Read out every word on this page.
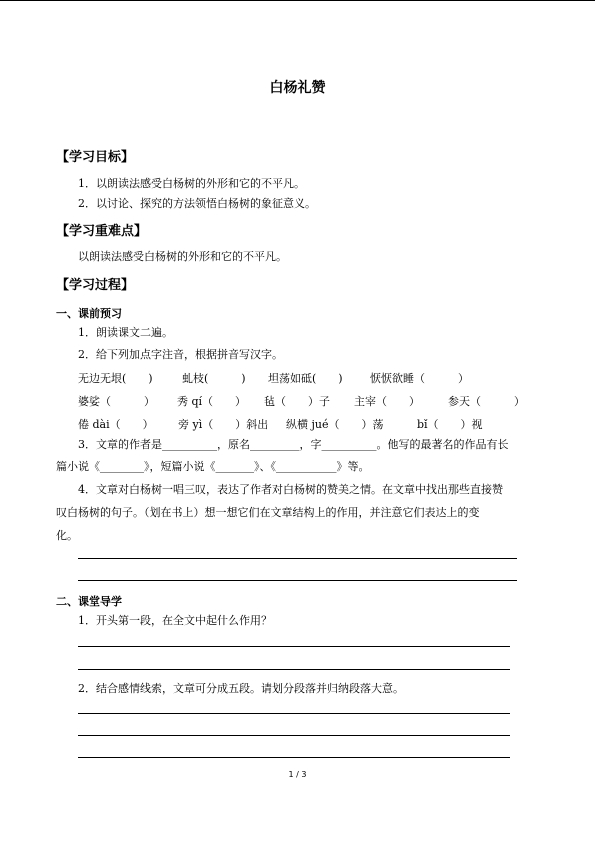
白杨礼赞
【学习目标】
1．以朗读法感受白杨树的外形和它的不平凡。
2．以讨论、探究的方法领悟白杨树的象征意义。
【学习重难点】
以朗读法感受白杨树的外形和它的不平凡。
【学习过程】
一、课前预习
1．朗读课文二遍。
2．给下列加点字注音，根据拼音写汉字。
无边无垠(　　)	虬枝(　　　) 坦荡如砥(　　) 恹恹欲睡（　　　）
婆娑（　　　） 秀 qí（　　） 毡（　　）子 主宰（　　）	参天（　　　）
倦 dài（　　） 旁 yì（　　）斜出 纵横 jué（　　）荡	bǐ（　　）视
3．文章的作者是__________，原名_________，字__________。他写的最著名的作品有长
篇小说《________》，短篇小说《_______》、《___________》等。
4．文章对白杨树一唱三叹，表达了作者对白杨树的赞美之情。在文章中找出那些直接赞
叹白杨树的句子。（划在书上）想一想它们在文章结构上的作用，并注意它们表达上的变
化。
二、课堂导学
1．开头第一段，在全文中起什么作用？
2．结合感情线索，文章可分成五段。请划分段落并归纳段落大意。
1 / 3
